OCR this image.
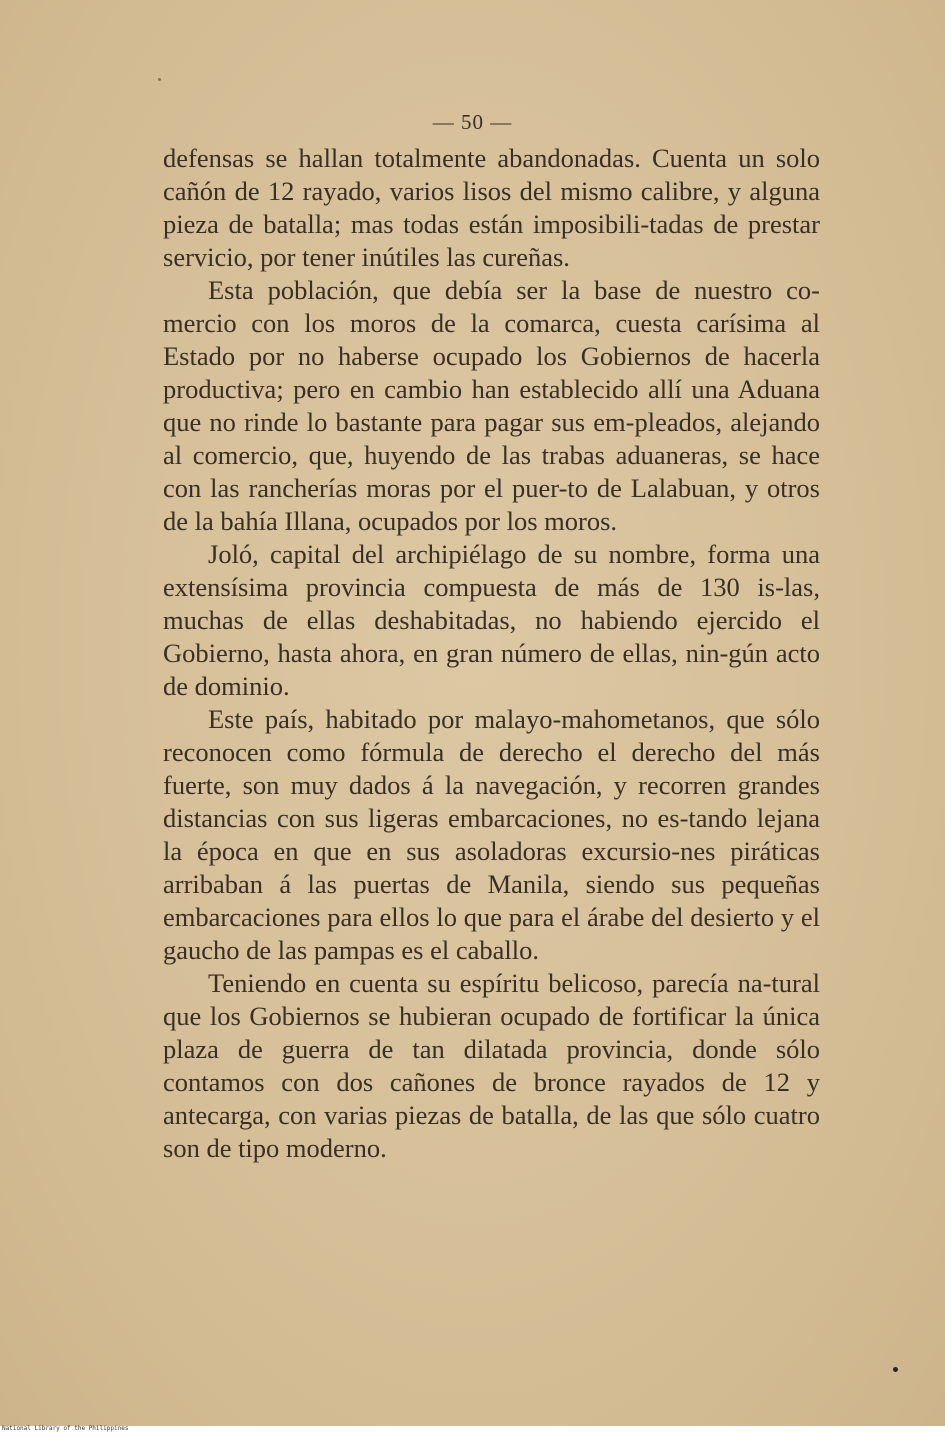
— 50 —

defensas se hallan totalmente abandonadas. Cuenta un solo cañón de 12 rayado, varios lisos del mismo calibre, y alguna pieza de batalla; mas todas están imposibili-tadas de prestar servicio, por tener inútiles las cureñas.

Esta población, que debía ser la base de nuestro co-mercio con los moros de la comarca, cuesta carísima al Estado por no haberse ocupado los Gobiernos de hacerla productiva; pero en cambio han establecido allí una Aduana que no rinde lo bastante para pagar sus em-pleados, alejando al comercio, que, huyendo de las trabas aduaneras, se hace con las rancherías moras por el puer-to de Lalabuan, y otros de la bahía Illana, ocupados por los moros.

Joló, capital del archipiélago de su nombre, forma una extensísima provincia compuesta de más de 130 is-las, muchas de ellas deshabitadas, no habiendo ejercido el Gobierno, hasta ahora, en gran número de ellas, nin-gún acto de dominio.

Este país, habitado por malayo-mahometanos, que sólo reconocen como fórmula de derecho el derecho del más fuerte, son muy dados á la navegación, y recorren grandes distancias con sus ligeras embarcaciones, no es-tando lejana la época en que en sus asoladoras excursio-nes piráticas arribaban á las puertas de Manila, siendo sus pequeñas embarcaciones para ellos lo que para el árabe del desierto y el gaucho de las pampas es el caballo.

Teniendo en cuenta su espíritu belicoso, parecía na-tural que los Gobiernos se hubieran ocupado de fortificar la única plaza de guerra de tan dilatada provincia, donde sólo contamos con dos cañones de bronce rayados de 12 y antecarga, con varias piezas de batalla, de las que sólo cuatro son de tipo moderno.

National Library of the Philippines
